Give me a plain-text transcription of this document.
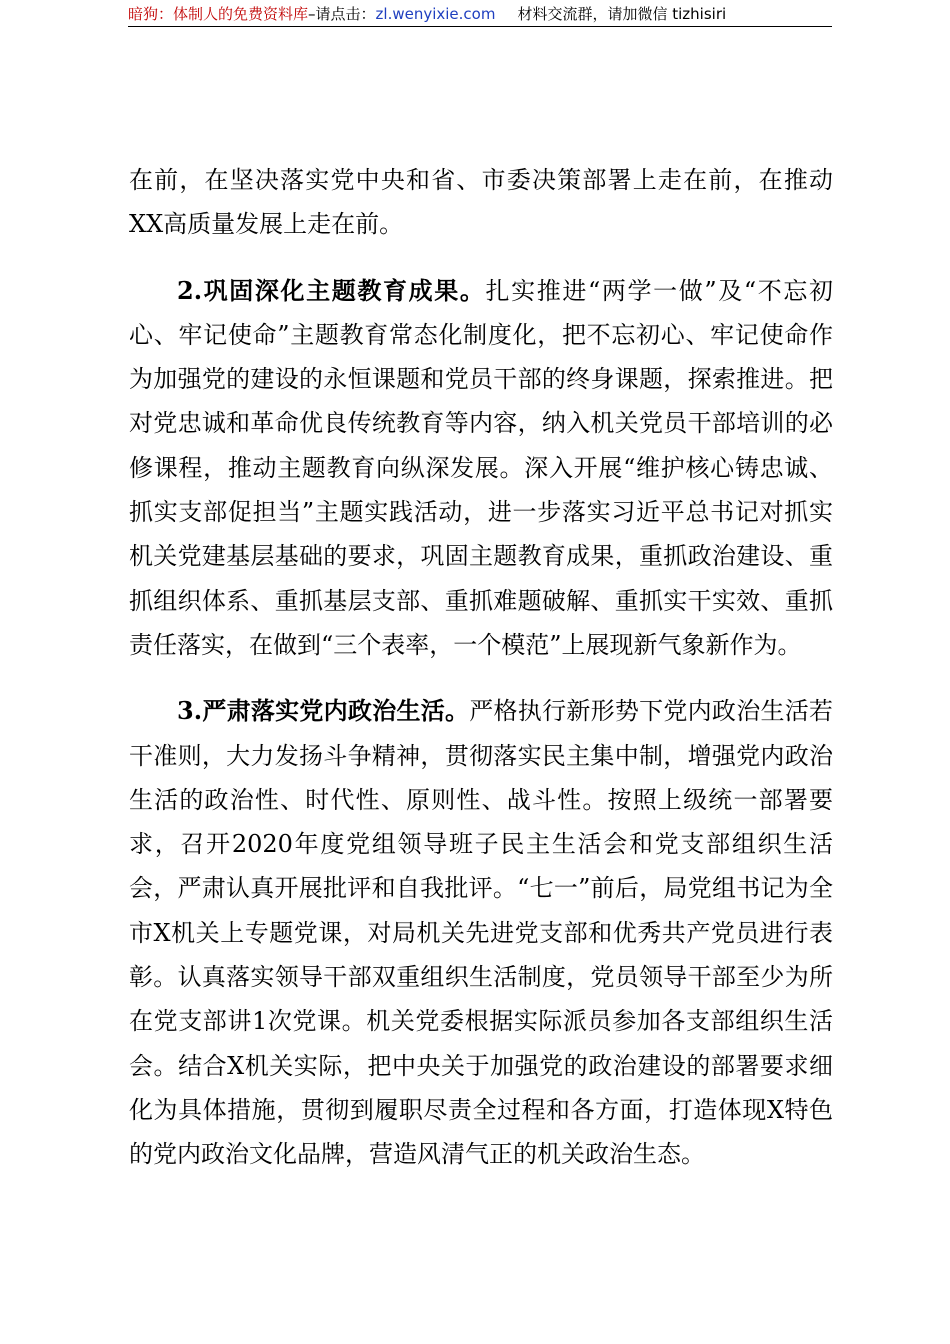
暗狗：体制人的免费资料库–请点击：zl.wenyixie.com 材料交流群，请加微信 tizhisiri

在前，在坚决落实党中央和省、市委决策部署上走在前，在推动XX高质量发展上走在前。

2.巩固深化主题教育成果。扎实推进“两学一做”及“不忘初心、牢记使命”主题教育常态化制度化，把不忘初心、牢记使命作为加强党的建设的永恒课题和党员干部的终身课题，探索推进。把对党忠诚和革命优良传统教育等内容，纳入机关党员干部培训的必修课程，推动主题教育向纵深发展。深入开展“维护核心铸忠诚、抓实支部促担当”主题实践活动，进一步落实习近平总书记对抓实机关党建基层基础的要求，巩固主题教育成果，重抓政治建设、重抓组织体系、重抓基层支部、重抓难题破解、重抓实干实效、重抓责任落实，在做到“三个表率，一个模范”上展现新气象新作为。

3.严肃落实党内政治生活。严格执行新形势下党内政治生活若干准则，大力发扬斗争精神，贯彻落实民主集中制，增强党内政治生活的政治性、时代性、原则性、战斗性。按照上级统一部署要求，召开2020年度党组领导班子民主生活会和党支部组织生活会，严肃认真开展批评和自我批评。“七一”前后，局党组书记为全市X机关上专题党课，对局机关先进党支部和优秀共产党员进行表彰。认真落实领导干部双重组织生活制度，党员领导干部至少为所在党支部讲1次党课。机关党委根据实际派员参加各支部组织生活会。结合X机关实际，把中央关于加强党的政治建设的部署要求细化为具体措施，贯彻到履职尽责全过程和各方面，打造体现X特色的党内政治文化品牌，营造风清气正的机关政治生态。
